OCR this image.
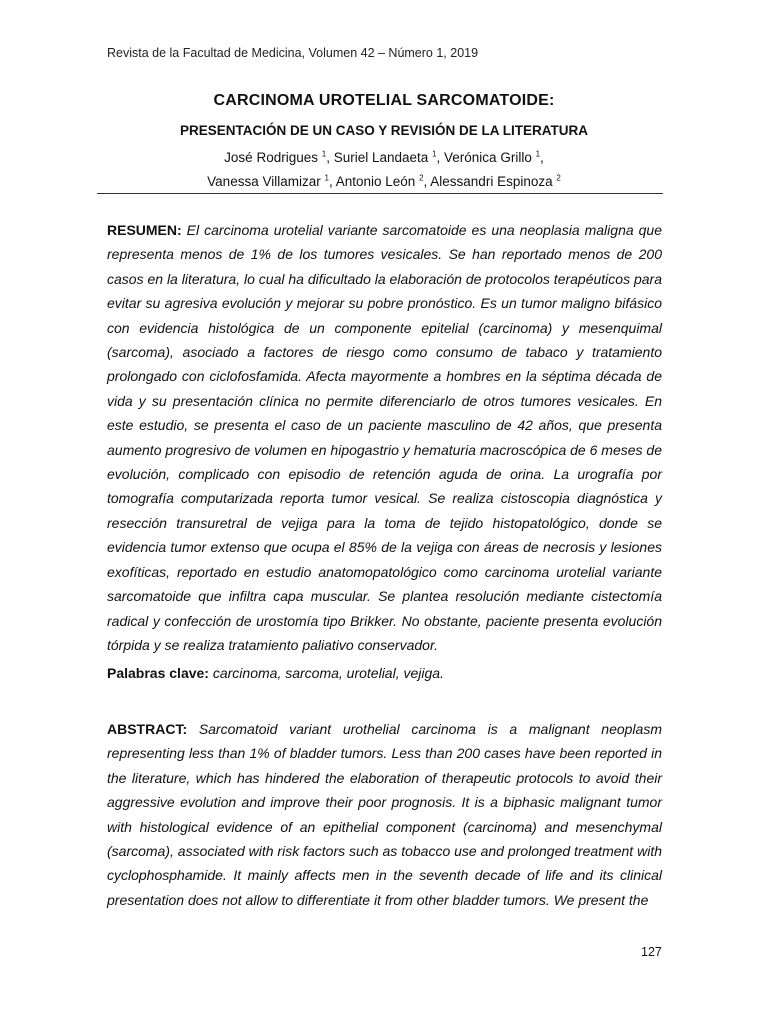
Revista de la Facultad de Medicina, Volumen 42 – Número 1, 2019
CARCINOMA UROTELIAL SARCOMATOIDE:
PRESENTACIÓN DE UN CASO Y REVISIÓN DE LA LITERATURA
José Rodrigues $^1$, Suriel Landaeta $^1$, Verónica Grillo $^1$,
Vanessa Villamizar $^1$, Antonio León $^2$, Alessandri Espinoza $^2$

RESUMEN: El carcinoma urotelial variante sarcomatoide es una neoplasia maligna que representa menos de 1% de los tumores vesicales. Se han reportado menos de 200 casos en la literatura, lo cual ha dificultado la elaboración de protocolos terapéuticos para evitar su agresiva evolución y mejorar su pobre pronóstico. Es un tumor maligno bifásico con evidencia histológica de un componente epitelial (carcinoma) y mesenquimal (sarcoma), asociado a factores de riesgo como consumo de tabaco y tratamiento prolongado con ciclofosfamida. Afecta mayormente a hombres en la séptima década de vida y su presentación clínica no permite diferenciarlo de otros tumores vesicales. En este estudio, se presenta el caso de un paciente masculino de 42 años, que presenta aumento progresivo de volumen en hipogastrio y hematuria macroscópica de 6 meses de evolución, complicado con episodio de retención aguda de orina. La urografía por tomografía computarizada reporta tumor vesical. Se realiza cistoscopia diagnóstica y resección transuretral de vejiga para la toma de tejido histopatológico, donde se evidencia tumor extenso que ocupa el 85% de la vejiga con áreas de necrosis y lesiones exofíticas, reportado en estudio anatomopatológico como carcinoma urotelial variante sarcomatoide que infiltra capa muscular. Se plantea resolución mediante cistectomía radical y confección de urostomía tipo Brikker. No obstante, paciente presenta evolución tórpida y se realiza tratamiento paliativo conservador.

Palabras clave: carcinoma, sarcoma, urotelial, vejiga.

ABSTRACT: Sarcomatoid variant urothelial carcinoma is a malignant neoplasm representing less than 1% of bladder tumors. Less than 200 cases have been reported in the literature, which has hindered the elaboration of therapeutic protocols to avoid their aggressive evolution and improve their poor prognosis. It is a biphasic malignant tumor with histological evidence of an epithelial component (carcinoma) and mesenchymal (sarcoma), associated with risk factors such as tobacco use and prolonged treatment with cyclophosphamide. It mainly affects men in the seventh decade of life and its clinical presentation does not allow to differentiate it from other bladder tumors. We present the

127
